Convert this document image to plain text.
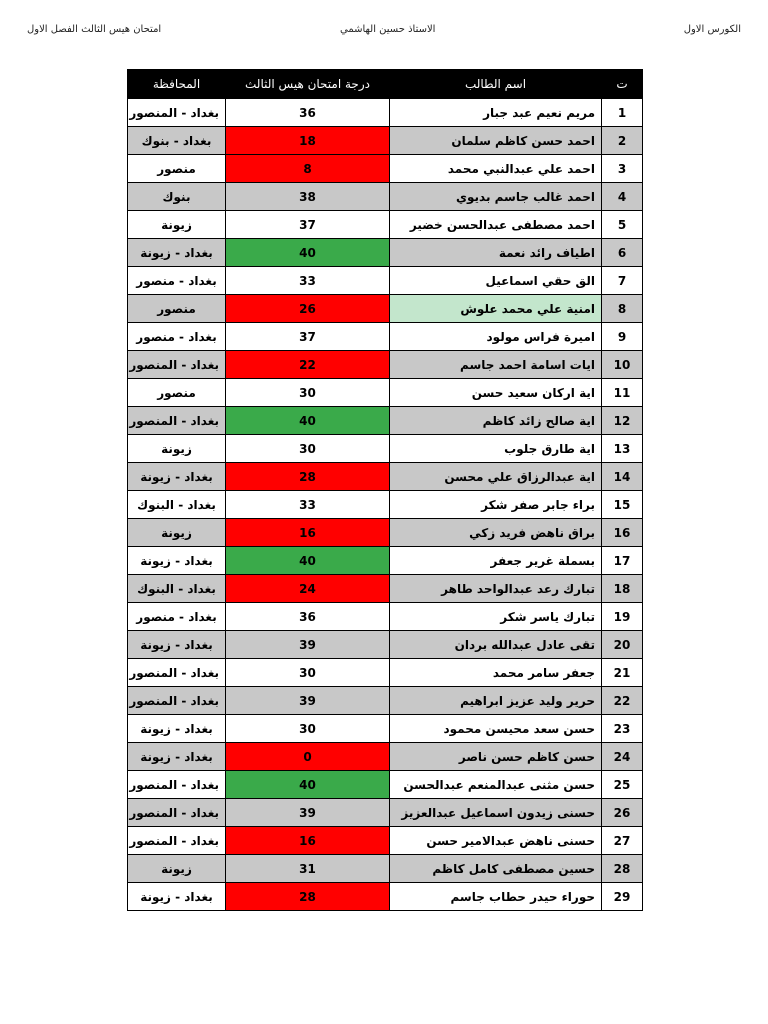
الكورس الاول
الاستاذ حسين الهاشمي
امتحان هيس الثالث الفصل الاول
ت	اسم الطالب	درجة امتحان هيس الثالث	المحافظة
1	مريم نعيم عبد جبار	36	بغداد - المنصور
2	احمد حسن كاظم سلمان	18	بغداد - بنوك
3	احمد علي عبدالنبي محمد	8	منصور
4	احمد غالب جاسم بديوي	38	بنوك
5	احمد مصطفى عبدالحسن خضير	37	زيونة
6	اطياف رائد نعمة	40	بغداد - زيونة
7	الق حقي اسماعيل	33	بغداد - منصور
8	امنية علي محمد علوش	26	منصور
9	اميرة فراس مولود	37	بغداد - منصور
10	ايات اسامة احمد جاسم	22	بغداد - المنصور
11	اية اركان سعيد حسن	30	منصور
12	اية صالح زائد كاظم	40	بغداد - المنصور
13	اية طارق جلوب	30	زيونة
14	اية عبدالرزاق علي محسن	28	بغداد - زيونة
15	براء جابر صفر شكر	33	بغداد - البنوك
16	براق ناهض فريد زكي	16	زيونة
17	بسملة غرير جعفر	40	بغداد - زيونة
18	تبارك رعد عبدالواحد طاهر	24	بغداد - البنوك
19	تبارك ياسر شكر	36	بغداد - منصور
20	تقى عادل عبدالله بردان	39	بغداد - زيونة
21	جعفر سامر محمد	30	بغداد - المنصور
22	حرير وليد عزيز ابراهيم	39	بغداد - المنصور
23	حسن سعد محيسن محمود	30	بغداد - زيونة
24	حسن كاظم حسن ناصر	0	بغداد - زيونة
25	حسن مثنى عبدالمنعم عبدالحسن	40	بغداد - المنصور
26	حسنى زيدون اسماعيل عبدالعزيز	39	بغداد - المنصور
27	حسنى ناهض عبدالامير حسن	16	بغداد - المنصور
28	حسين مصطفى كامل كاظم	31	زيونة
29	حوراء حيدر حطاب جاسم	28	بغداد - زيونة
